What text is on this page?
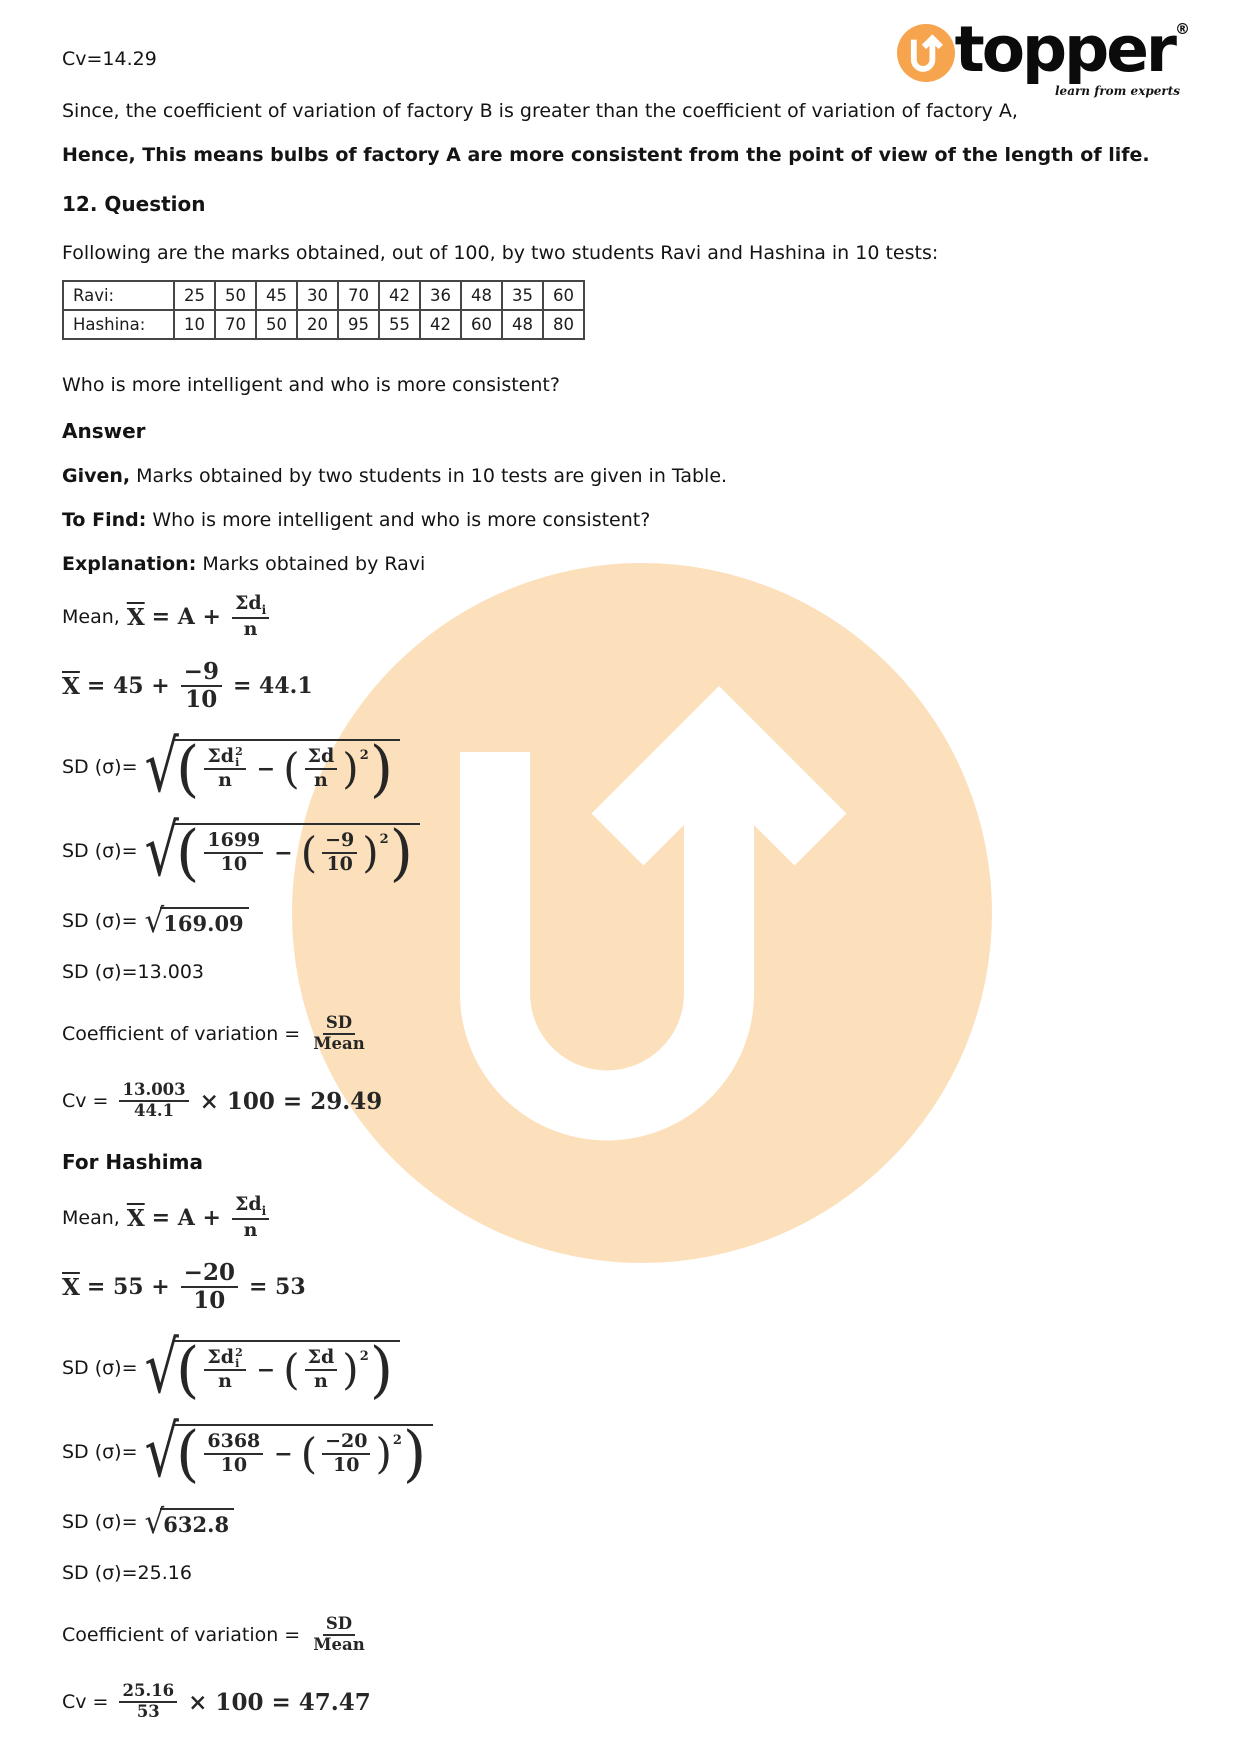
topper ®
learn from experts

Cv=14.29

Since, the coefficient of variation of factory B is greater than the coefficient of variation of factory A,

Hence, This means bulbs of factory A are more consistent from the point of view of the length of life.

12. Question

Following are the marks obtained, out of 100, by two students Ravi and Hashina in 10 tests:

Ravi:	25	50	45	30	70	42	36	48	35	60
Hashina:	10	70	50	20	95	55	42	60	48	80

Who is more intelligent and who is more consistent?

Answer

Given, Marks obtained by two students in 10 tests are given in Table.

To Find: Who is more intelligent and who is more consistent?

Explanation: Marks obtained by Ravi

Mean, $\overline{X} = A + \frac{\Sigma d_i}{n}$
$\overline{X} = 45 + \frac{-9}{10} = 44.1$
SD (σ)= √
( Σd 2
i
n − ( $\frac{\Sigma d}{n}$ ) 2 )
SD (σ)= √
( $\frac{1699}{10}$ − ( $\frac{-9}{10}$ ) 2 )
SD (σ)= √ 169.09

SD (σ)=13.003

Coefficient of variation = $\frac{SD}{\text{Mean}}$
$Cv = \frac{13.003}{44.1} \times 100 = 29.49$

For Hashima

Mean, $\overline{X} = A + \frac{\Sigma d_i}{n}$
$\overline{X} = 55 + \frac{-20}{10} = 53$
SD (σ)= √
( Σd 2
i
n − ( $\frac{\Sigma d}{n}$ ) 2 )
SD (σ)= √
( $\frac{6368}{10}$ − ( $\frac{-20}{10}$ ) 2 )
SD (σ)= √ 632.8

SD (σ)=25.16

Coefficient of variation = $\frac{SD}{\text{Mean}}$
$Cv = \frac{25.16}{53} \times 100 = 47.47$
